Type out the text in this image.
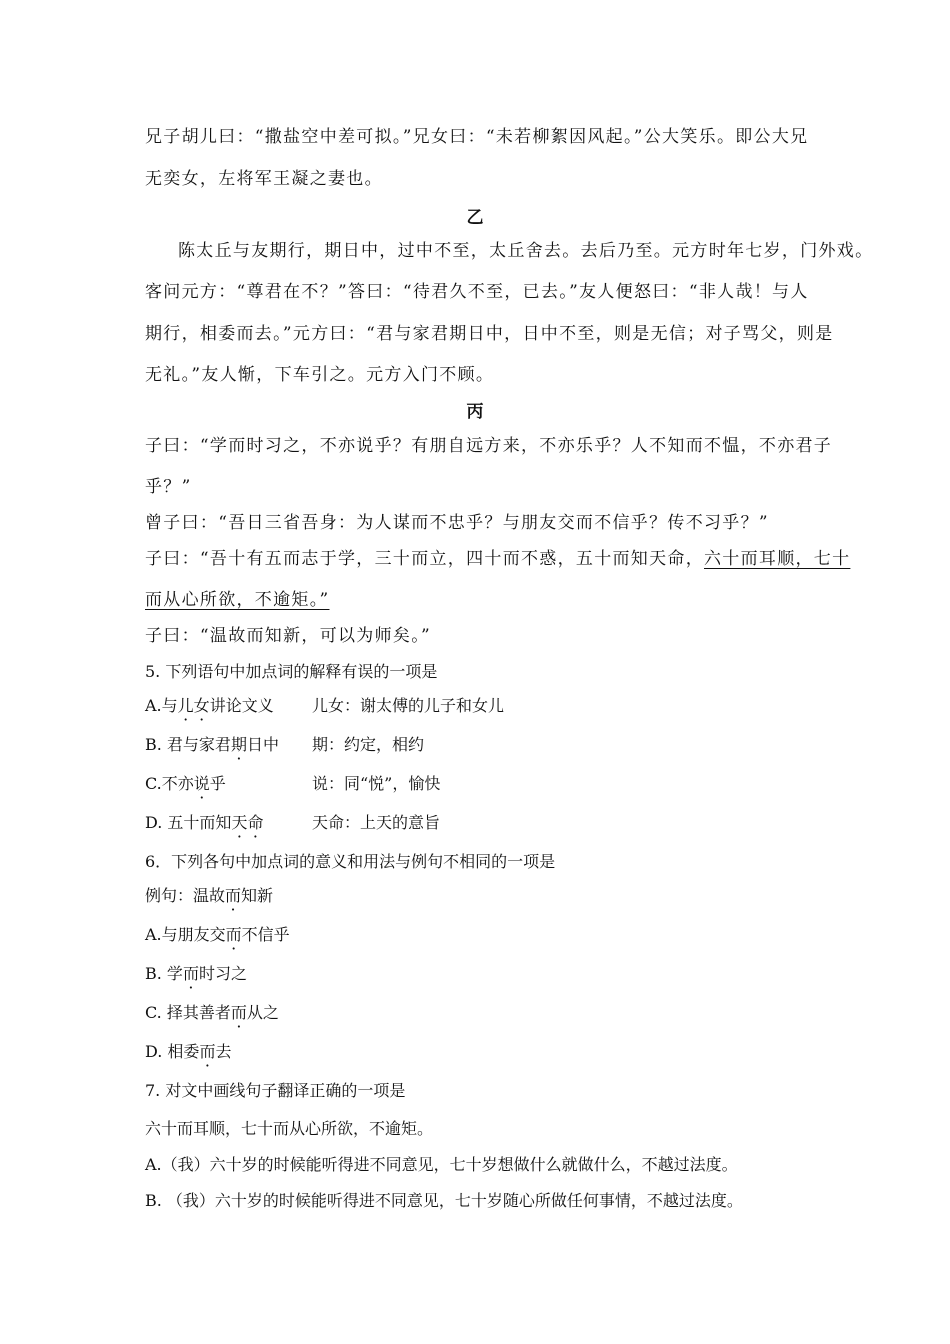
兄子胡儿曰：“撒盐空中差可拟。”兄女曰：“未若柳絮因风起。”公大笑乐。即公大兄
无奕女，左将军王凝之妻也。
乙
陈太丘与友期行，期日中，过中不至，太丘舍去。去后乃至。元方时年七岁，门外戏。
客问元方：“尊君在不？”答曰：“待君久不至，已去。”友人便怒曰：“非人哉！与人
期行，相委而去。”元方曰：“君与家君期日中，日中不至，则是无信；对子骂父，则是
无礼。”友人惭，下车引之。元方入门不顾。
丙
子曰：“学而时习之，不亦说乎？有朋自远方来，不亦乐乎？人不知而不愠，不亦君子
乎？”
曾子曰：“吾日三省吾身：为人谋而不忠乎？与朋友交而不信乎？传不习乎？”
子曰：“吾十有五而志于学，三十而立，四十而不惑，五十而知天命，六十而耳顺，七十
而从心所欲，不逾矩。”
子曰：“温故而知新，可以为师矣。”
5. 下列语句中加点词的解释有误的一项是
A.与儿女讲论文义 儿女：谢太傅的儿子和女儿
B. 君与家君期日中 期：约定，相约
C.不亦说乎	说：同“悦”，愉快
D. 五十而知天命	天命：上天的意旨
6．下列各句中加点词的意义和用法与例句不相同的一项是
例句：温故而知新
A.与朋友交而不信乎
B. 学而时习之
C. 择其善者而从之
D. 相委而去
7. 对文中画线句子翻译正确的一项是
六十而耳顺，七十而从心所欲，不逾矩。
A.（我）六十岁的时候能听得进不同意见，七十岁想做什么就做什么，不越过法度。
B. （我）六十岁的时候能听得进不同意见，七十岁随心所做任何事情，不越过法度。
